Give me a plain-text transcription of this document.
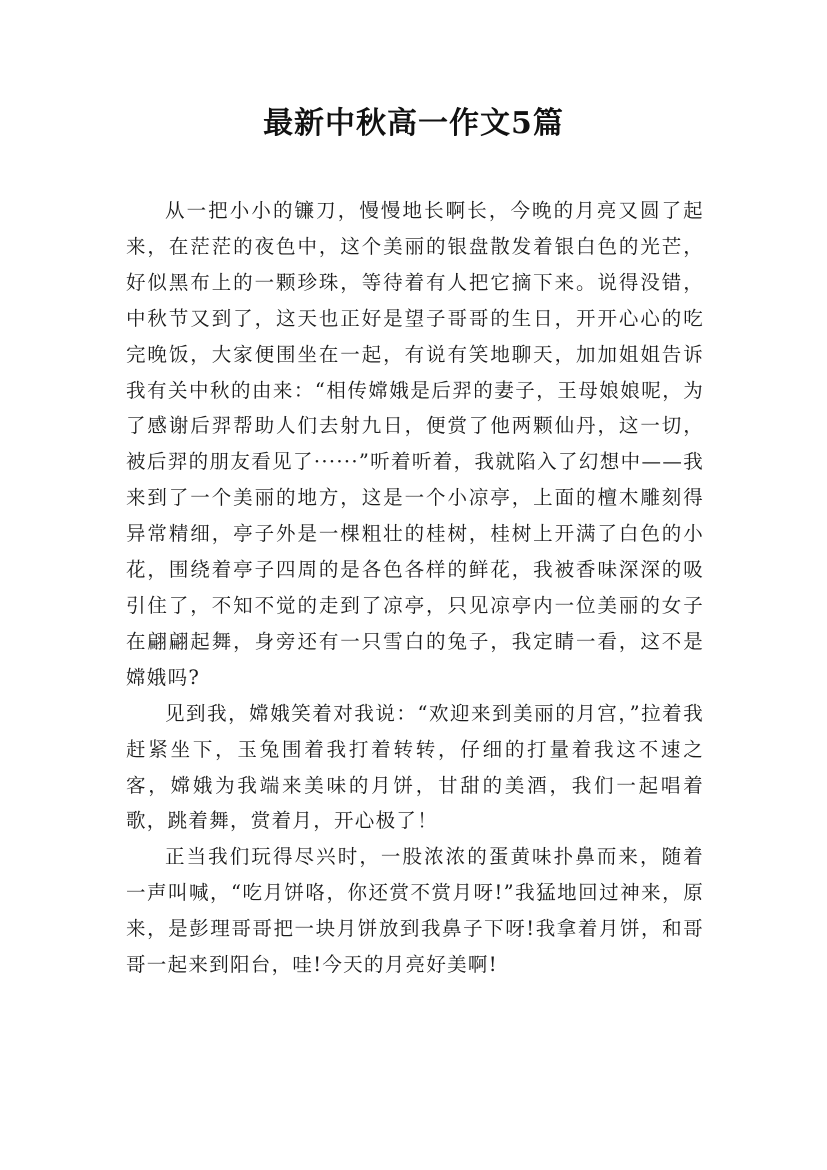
最新中秋高一作文5篇

从一把小小的镰刀，慢慢地长啊长，今晚的月亮又圆了起来，在茫茫的夜色中，这个美丽的银盘散发着银白色的光芒，好似黑布上的一颗珍珠，等待着有人把它摘下来。说得没错，中秋节又到了，这天也正好是望子哥哥的生日，开开心心的吃完晚饭，大家便围坐在一起，有说有笑地聊天，加加姐姐告诉我有关中秋的由来：“相传嫦娥是后羿的妻子，王母娘娘呢，为了感谢后羿帮助人们去射九日，便赏了他两颗仙丹，这一切，被后羿的朋友看见了······”听着听着，我就陷入了幻想中——我来到了一个美丽的地方，这是一个小凉亭，上面的檀木雕刻得异常精细，亭子外是一棵粗壮的桂树，桂树上开满了白色的小花，围绕着亭子四周的是各色各样的鲜花，我被香味深深的吸引住了，不知不觉的走到了凉亭，只见凉亭内一位美丽的女子在翩翩起舞，身旁还有一只雪白的兔子，我定睛一看，这不是嫦娥吗?

见到我，嫦娥笑着对我说：“欢迎来到美丽的月宫，”拉着我赶紧坐下，玉兔围着我打着转转，仔细的打量着我这不速之客，嫦娥为我端来美味的月饼，甘甜的美酒，我们一起唱着歌，跳着舞，赏着月，开心极了！

正当我们玩得尽兴时，一股浓浓的蛋黄味扑鼻而来，随着一声叫喊，“吃月饼咯，你还赏不赏月呀!”我猛地回过神来，原来，是彭理哥哥把一块月饼放到我鼻子下呀!我拿着月饼，和哥哥一起来到阳台，哇!今天的月亮好美啊!
